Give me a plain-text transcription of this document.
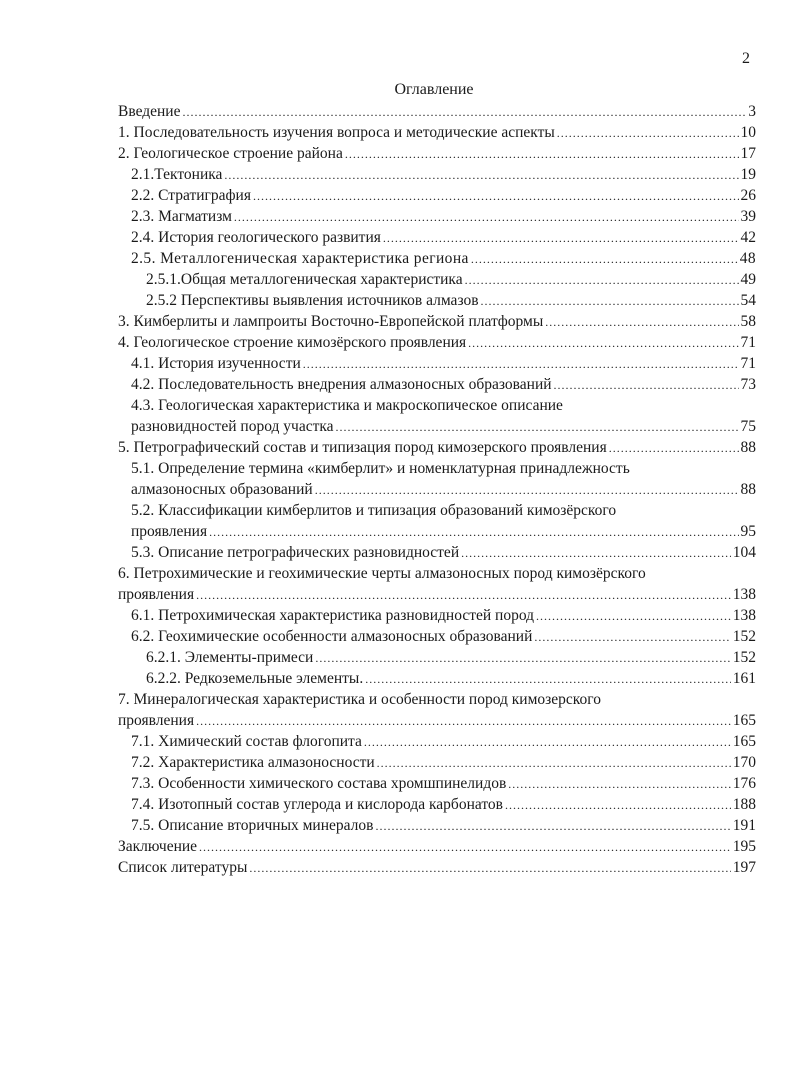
2
Оглавление
Введение .....	3
1. Последовательность изучения вопроса и методические аспекты .....	10
2. Геологическое строение района .....	17
2.1.Тектоника .....	19
2.2. Стратиграфия .....	26
2.3. Магматизм .....	39
2.4. История геологического развития .....	42
2.5. Металлогеническая характеристика региона .....	48
2.5.1.Общая металлогеническая характеристика .....	49
2.5.2 Перспективы выявления источников алмазов .....	54
3. Кимберлиты и лампроиты Восточно-Европейской платформы .....	58
4. Геологическое строение кимозёрского проявления .....	71
4.1. История изученности .....	71
4.2. Последовательность внедрения алмазоносных образований .....	73
4.3. Геологическая характеристика и макроскопическое описание
разновидностей пород участка .....	75
5. Петрографический состав и типизация пород кимозерского проявления .....	88
5.1. Определение термина «кимберлит» и номенклатурная принадлежность
алмазоносных образований .....	88
5.2. Классификации кимберлитов и типизация образований кимозёрского
проявления .....	95
5.3. Описание петрографических разновидностей .....	104
6. Петрохимические и геохимические черты алмазоносных пород кимозёрского
проявления .....	138
6.1. Петрохимическая характеристика разновидностей пород .....	138
6.2. Геохимические особенности алмазоносных образований .....	152
6.2.1. Элементы-примеси .....	152
6.2.2. Редкоземельные элементы. .....	161
7. Минералогическая характеристика и особенности пород кимозерского
проявления .....	165
7.1. Химический состав флогопита .....	165
7.2. Характеристика алмазоносности .....	170
7.3. Особенности химического состава хромшпинелидов .....	176
7.4. Изотопный состав углерода и кислорода карбонатов .....	188
7.5. Описание вторичных минералов .....	191
Заключение .....	195
Список литературы .....	197
